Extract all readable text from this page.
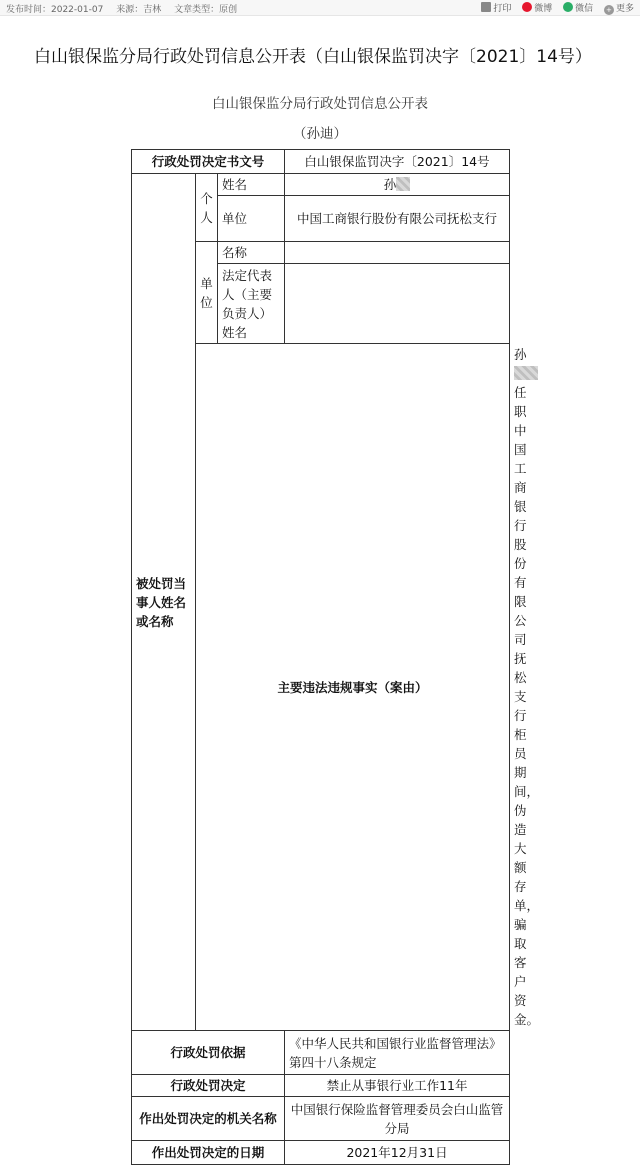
发布时间：2022-01-07 来源：吉林 文章类型：原创	打印	微博	微信 + 更多
白山银保监分局行政处罚信息公开表（白山银保监罚决字〔2021〕14号）
白山银保监分局行政处罚信息公开表
（孙迪）
行政处罚决定书文号			白山银保监罚决字〔2021〕14号	
被处罚当事人姓名或名称	个人	姓名	孙	
		单位	中国工商银行股份有限公司抚松支行	
	单位	名称		
		法定代表人（主要负责人）姓名		
	主要违法违规事实（案由）			孙任职中国工商银行股份有限公司抚松支行柜员期间，伪造大额存单，骗取客户资金。
行政处罚依据			《中华人民共和国银行业监督管理法》第四十八条规定	
行政处罚决定			禁止从事银行业工作11年	
作出处罚决定的机关名称			中国银行保险监督管理委员会白山监管分局	
作出处罚决定的日期			2021年12月31日	
